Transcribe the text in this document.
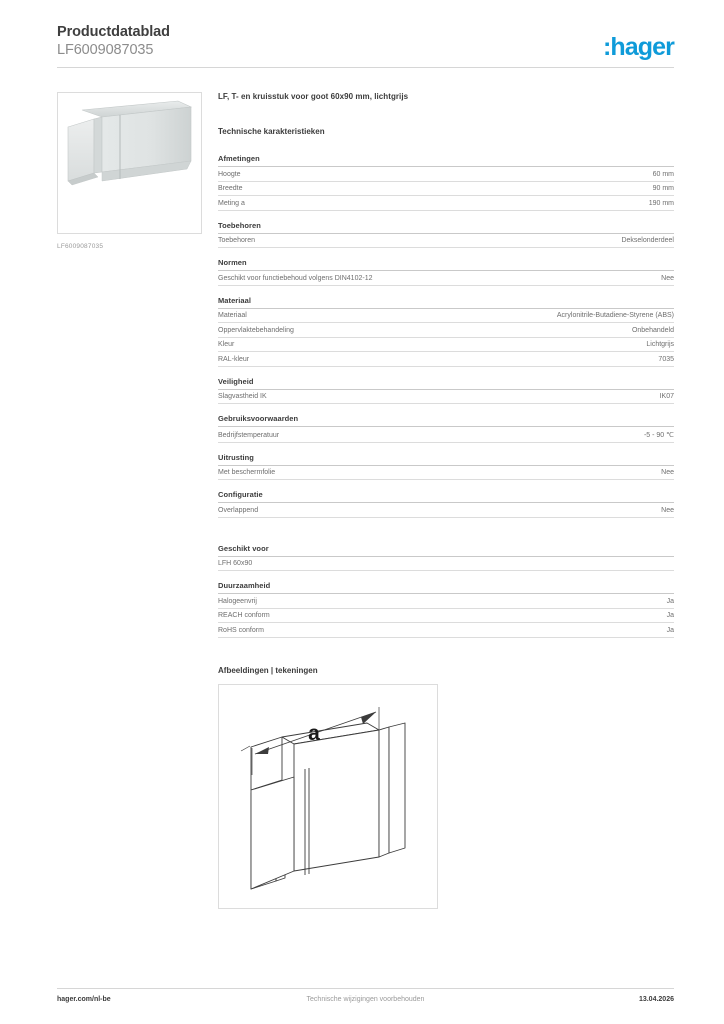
Productdatablad
LF6009087035	:hager
LF6009087035
LF, T- en kruisstuk voor goot 60x90 mm, lichtgrijs
Technische karakteristieken
Afmetingen
Hoogte	60 mm
Breedte	90 mm
Meting a	190 mm
Toebehoren
Toebehoren	Dekselonderdeel
Normen
Geschikt voor functiebehoud volgens DIN4102-12	Nee
Materiaal
Materiaal	Acrylonitrile-Butadiene-Styrene (ABS)
Oppervlaktebehandeling	Onbehandeld
Kleur	Lichtgrijs
RAL-kleur	7035
Veiligheid
Slagvastheid IK	IK07
Gebruiksvoorwaarden
Bedrijfstemperatuur	-5 - 90 ℃
Uitrusting
Met beschermfolie	Nee
Configuratie
Overlappend	Nee
Geschikt voor
LFH 60x90
Duurzaamheid
Halogeenvrij	Ja
REACH conform	Ja
RoHS conform	Ja
Afbeeldingen | tekeningen
a
hager.com/nl-be	Technische wijzigingen voorbehouden	13.04.2026
